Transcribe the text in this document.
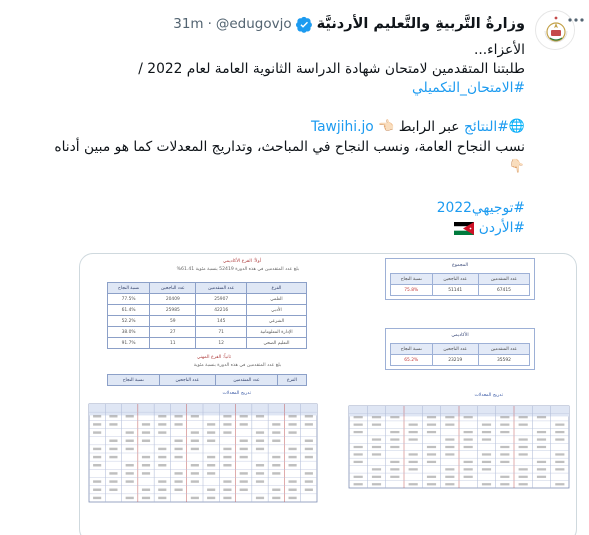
وزارةُ التَّربيةِ والتَّعليم الأردنيَّة
@edugovjo
·
31m
الأعزاء...
طلبتنا المتقدمين لامتحان شهادة الدراسة الثانوية العامة لعام 2022 /
#الامتحان_التكميلي
🌐#النتائج عبر الرابط 👈🏻 Tawjihi.jo
نسب النجاح العامة، ونسب النجاح في المباحث، وتداريج المعدلات كما هو مبين أدناه
👇🏻
#توجيهي2022
#الأردن
أولاً: الفرع الأكاديمي
بلغ عدد المتقدمين في هذه الدورة 52419 بنسبة مئوية 61.41%
الفرع	عدد المتقدمين	عدد الناجحين	نسبة النجاح
العلمي	25907	20409	77.5%
الأدبي	42216	25985	61.4%
الشرعي	145	59	52.2%
الإدارة المعلوماتية	71	27	38.0%
التعليم الصحي	12	11	91.7%
ثانياً: الفرع المهني
بلغ عدد المتقدمين في هذه الدورة بنسبة مئوية
الفرع	عدد المتقدمين	عدد الناجحين	نسبة النجاح
تدريج المعدلات
المجموع
عدد المتقدمين	عدد الناجحين	نسبة النجاح
67415	51141	75.8%
الأكاديمي
عدد المتقدمين	عدد الناجحين	نسبة النجاح
35592	23219	65.2%
تدريج المعدلات
